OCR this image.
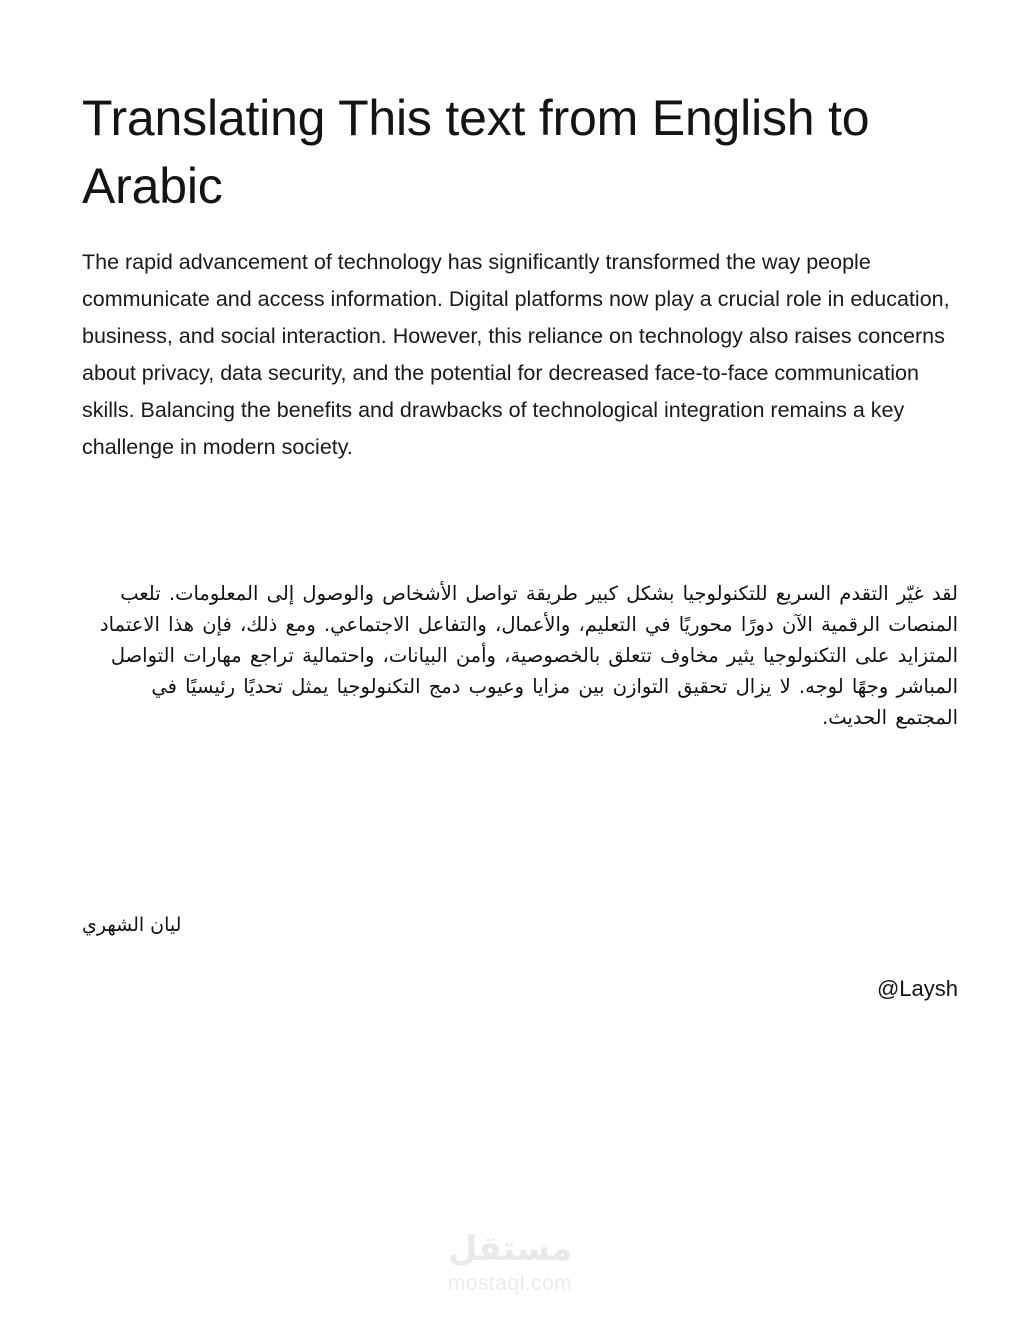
Translating This text from English to Arabic

The rapid advancement of technology has significantly transformed the way people communicate and access information. Digital platforms now play a crucial role in education, business, and social interaction. However, this reliance on technology also raises concerns about privacy, data security, and the potential for decreased face-to-face communication skills. Balancing the benefits and drawbacks of technological integration remains a key challenge in modern society.

لقد غيّر التقدم السريع للتكنولوجيا بشكل كبير طريقة تواصل الأشخاص والوصول إلى المعلومات. تلعب المنصات الرقمية الآن دورًا محوريًا في التعليم، والأعمال، والتفاعل الاجتماعي. ومع ذلك، فإن هذا الاعتماد المتزايد على التكنولوجيا يثير مخاوف تتعلق بالخصوصية، وأمن البيانات، واحتمالية تراجع مهارات التواصل المباشر وجهًا لوجه. لا يزال تحقيق التوازن بين مزايا وعيوب دمج التكنولوجيا يمثل تحديًا رئيسيًا في المجتمع الحديث.

ليان الشهري

@Laysh

مستقل
mostaql.com
